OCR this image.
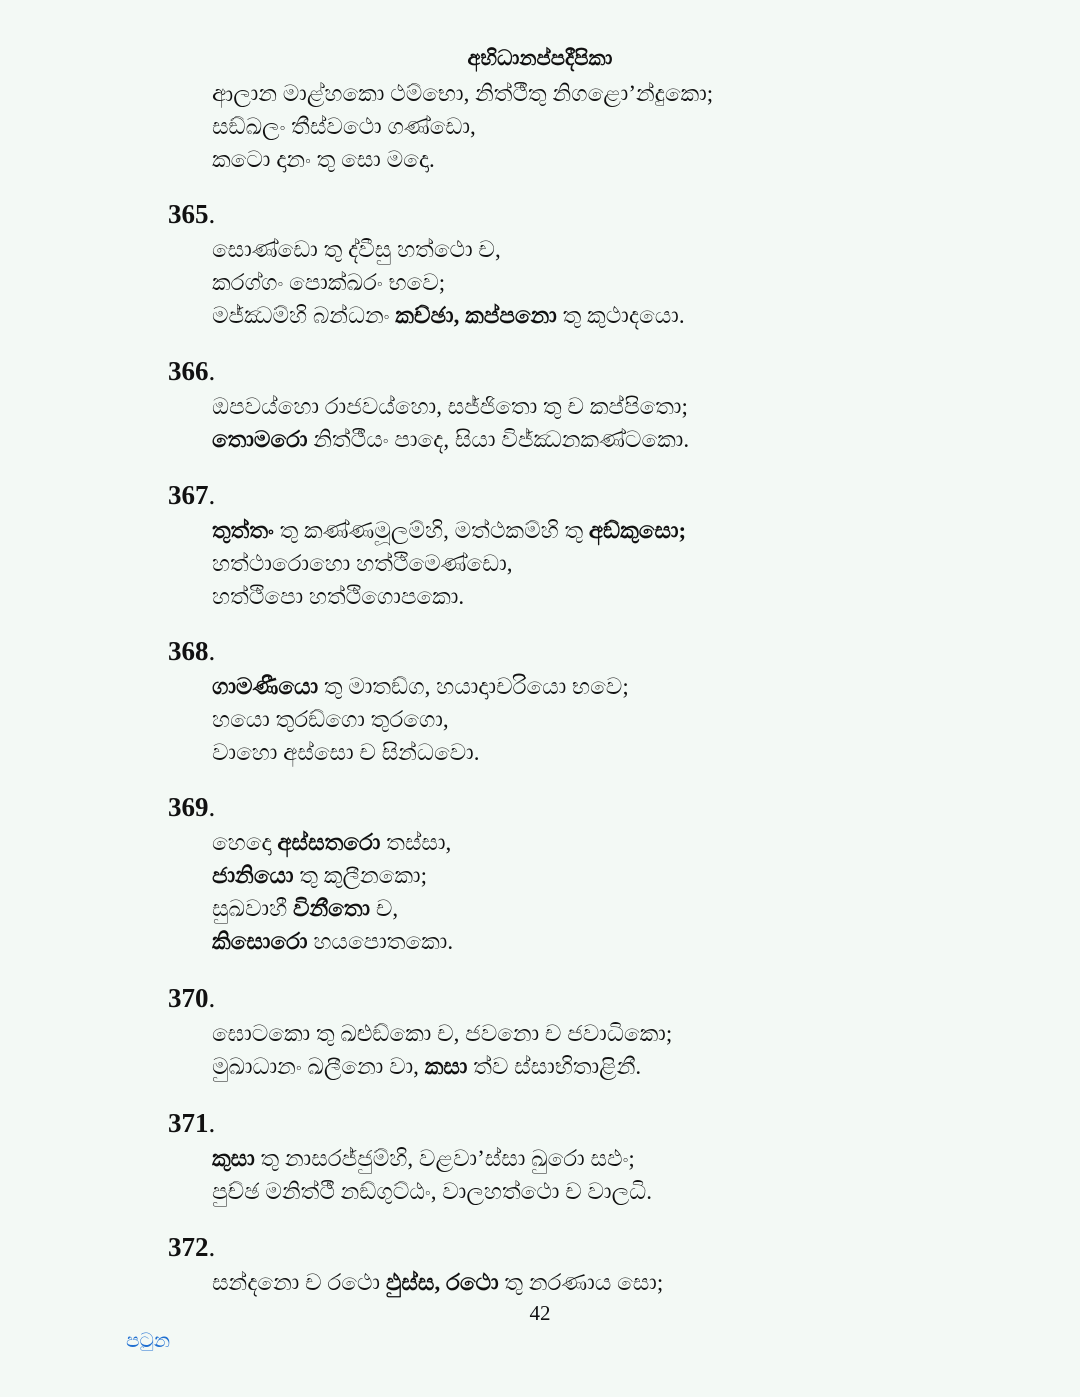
අභිධානප්පදීපිකා
ආලාන මාළ්හකො ථම්භො, නිත්ථීතු නිගළො’න්දුකො;
සඞ්ඛලං තීස්වථො ගණ්ඩො,
කටො දානං තු සො මදො.
365.
සොණ්ඩො තු ද්වීසු හත්ථො ච,
කරග්ගං පොක්ඛරං භවෙ;
මජ්ඣම්හි බන්ධනං කච්ඡා, කප්පනො තු කුථාදයො.
366.
ඔපවය්හො රාජවය්හො, සජ්ජිතො තු ච කප්පිතො;
තොමරො නිත්ථීයං පාදෙ, සියා විජ්ඣනකණ්ටකො.
367.
තුත්තං තු කණ්ණමූලම්හි, මත්ථකම්හි තු අඞ්කුසො;
හත්ථාරොහො හත්ථිමෙණ්ඩො,
හත්ථිපො හත්ථිගොපකො.
368.
ගාමණීයො තු මාතඞ්ග, හයාදාාචරියො භවෙ;
හයො තුරඞ්ගො තුරගො,
වාහො අස්සො ච සින්ධවො.
369.
හෙදො අස්සතරො තස්සා,
ජානියො තු කුලීනකො;
සුඛවාහී විනීතො ච,
කිසොරො හයපොතකො.
370.
ඝොටකො තු ඛළුඞ්කො ච, ජවනො ච ජවාධිකො;
මුඛාධානං ඛලීනො වා, කසා ත්ව ස්සාභිතාළිනී.
371.
කුසා තු නාසරජ්ජුම්හි, වළවා’ස්සා ඛුරො සඵං;
පුච්ඡ මනිත්ථී නඞ්ගුට්ඨං, වාලහත්ථො ච වාලධි.
372.
සන්දනො ච රථො ඵුස්ස, රථො තු නරණාය සො;
42
පටුන
